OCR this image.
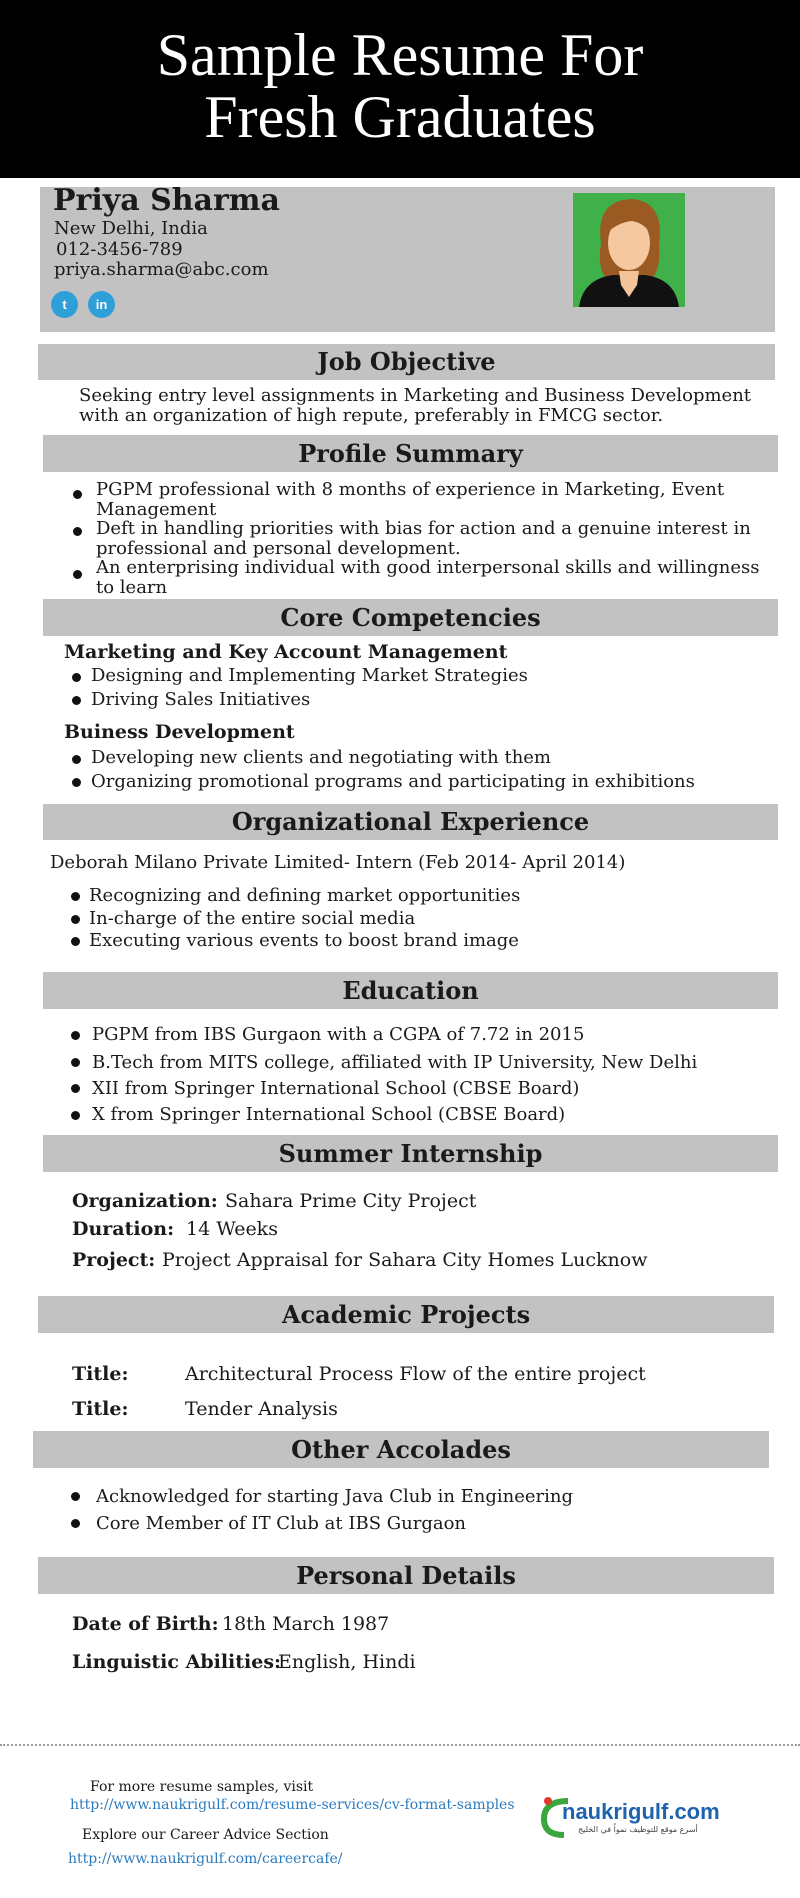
Sample Resume For
Fresh Graduates
Priya Sharma
New Delhi, India
012-3456-789
priya.sharma@abc.com
t	in
Job Objective
Seeking entry level assignments in Marketing and Business Development
with an organization of high repute, preferably in FMCG sector.
Profile Summary
PGPM professional with 8 months of experience in Marketing, Event
Management
Deft in handling priorities with bias for action and a genuine interest in
professional and personal development.
An enterprising individual with good interpersonal skills and willingness
to learn
Core Competencies
Marketing and Key Account Management
Designing and Implementing Market Strategies
Driving Sales Initiatives
Buiness Development
Developing new clients and negotiating with them
Organizing promotional programs and participating in exhibitions
Organizational Experience
Deborah Milano Private Limited- Intern (Feb 2014- April 2014)
Recognizing and defining market opportunities
In-charge of the entire social media
Executing various events to boost brand image
Education
PGPM from IBS Gurgaon with a CGPA of 7.72 in 2015
B.Tech from MITS college, affiliated with IP University, New Delhi
XII from Springer International School (CBSE Board)
X from Springer International School (CBSE Board)
Summer Internship
Organization: Sahara Prime City Project
Duration: 14 Weeks
Project: Project Appraisal for Sahara City Homes Lucknow
Academic Projects
Title:	Architectural Process Flow of the entire project
Title:	Tender Analysis
Other Accolades
Acknowledged for starting Java Club in Engineering
Core Member of IT Club at IBS Gurgaon
Personal Details
Date of Birth: 18th March 1987
Linguistic Abilities:
English, Hindi
For more resume samples, visit
http://www.naukrigulf.com/resume-services/cv-format-samples
Explore our Career Advice Section
http://www.naukrigulf.com/careercafe/
naukrigulf.com
أسرع موقع للتوظيف نمواً في الخليج
